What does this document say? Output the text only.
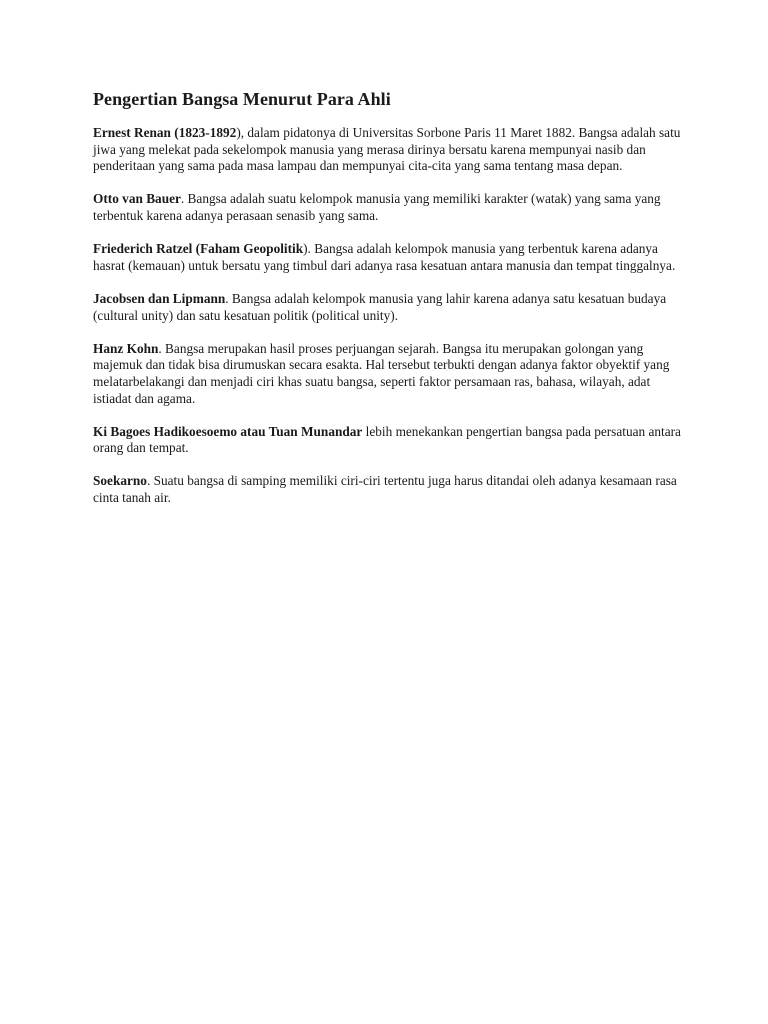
Pengertian Bangsa Menurut Para Ahli

Ernest Renan (1823-1892), dalam pidatonya di Universitas Sorbone Paris 11 Maret 1882. Bangsa adalah satu jiwa yang melekat pada sekelompok manusia yang merasa dirinya bersatu karena mempunyai nasib dan penderitaan yang sama pada masa lampau dan mempunyai cita-cita yang sama tentang masa depan.

Otto van Bauer. Bangsa adalah suatu kelompok manusia yang memiliki karakter (watak) yang sama yang terbentuk karena adanya perasaan senasib yang sama.

Friederich Ratzel (Faham Geopolitik). Bangsa adalah kelompok manusia yang terbentuk karena adanya hasrat (kemauan) untuk bersatu yang timbul dari adanya rasa kesatuan antara manusia dan tempat tinggalnya.

Jacobsen dan Lipmann. Bangsa adalah kelompok manusia yang lahir karena adanya satu kesatuan budaya (cultural unity) dan satu kesatuan politik (political unity).

Hanz Kohn. Bangsa merupakan hasil proses perjuangan sejarah. Bangsa itu merupakan golongan yang majemuk dan tidak bisa dirumuskan secara esakta. Hal tersebut terbukti dengan adanya faktor obyektif yang melatarbelakangi dan menjadi ciri khas suatu bangsa, seperti faktor persamaan ras, bahasa, wilayah, adat istiadat dan agama.

Ki Bagoes Hadikoesoemo atau Tuan Munandar lebih menekankan pengertian bangsa pada persatuan antara orang dan tempat.

Soekarno. Suatu bangsa di samping memiliki ciri-ciri tertentu juga harus ditandai oleh adanya kesamaan rasa cinta tanah air.
